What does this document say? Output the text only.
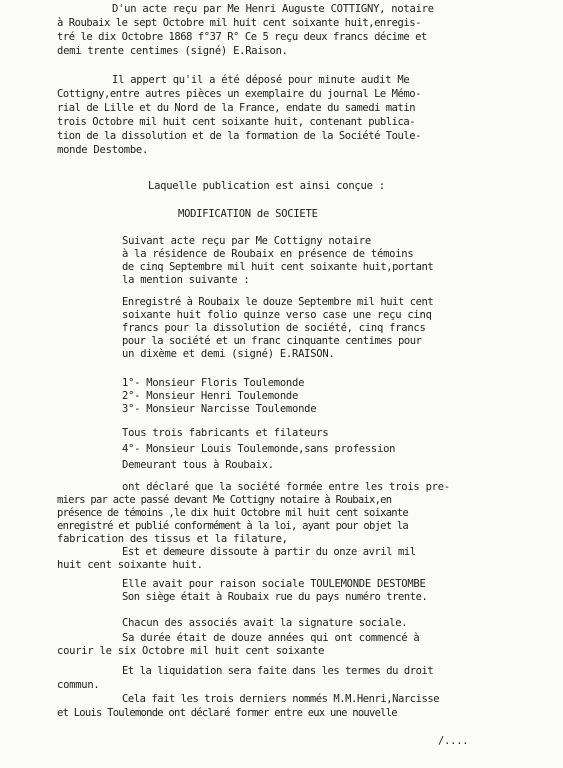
D'un acte reçu par Me Henri Auguste COTTIGNY, notaire
à Roubaix le sept Octobre mil huit cent soixante huit,enregis-
tré le dix Octobre 1868 f°37 R° Ce 5 reçu deux francs décime et
demi trente centimes (signé) E.Raison.
Il appert qu'il a été déposé pour minute audit Me
Cottigny,entre autres pièces un exemplaire du journal Le Mémo-
rial de Lille et du Nord de la France, endate du samedi matin
trois Octobre mil huit cent soixante huit, contenant publica-
tion de la dissolution et de la formation de la Société Toule-
monde Destombe.
Laquelle publication est ainsi conçue :
MODIFICATION de SOCIETE
Suivant acte reçu par Me Cottigny notaire
à la résidence de Roubaix en présence de témoins
de cinq Septembre mil huit cent soixante huit,portant
la mention suivante :
Enregistré à Roubaix le douze Septembre mil huit cent
soixante huit folio quinze verso case une reçu cinq
francs pour la dissolution de société, cinq francs
pour la société et un franc cinquante centimes pour
un dixème et demi (signé) E.RAISON.
1°- Monsieur Floris Toulemonde
2°- Monsieur Henri Toulemonde
3°- Monsieur Narcisse Toulemonde
Tous trois fabricants et filateurs
4°- Monsieur Louis Toulemonde,sans profession
Demeurant tous à Roubaix.
ont déclaré que la société formée entre les trois pre-
miers par acte passé devant Me Cottigny notaire à Roubaix,en
présence de témoins ,le dix huit Octobre mil huit cent soixante
enregistré et publié conformément à la loi, ayant pour objet la
fabrication des tissus et la filature,
Est et demeure dissoute à partir du onze avril mil
huit cent soixante huit.
Elle avait pour raison sociale TOULEMONDE DESTOMBE
Son siège était à Roubaix rue du pays numéro trente.
Chacun des associés avait la signature sociale.
Sa durée était de douze années qui ont commencé à
courir le six Octobre mil huit cent soixante
Et la liquidation sera faite dans les termes du droit
commun.
Cela fait les trois derniers nommés M.M.Henri,Narcisse
et Louis Toulemonde ont déclaré former entre eux une nouvelle
/....
